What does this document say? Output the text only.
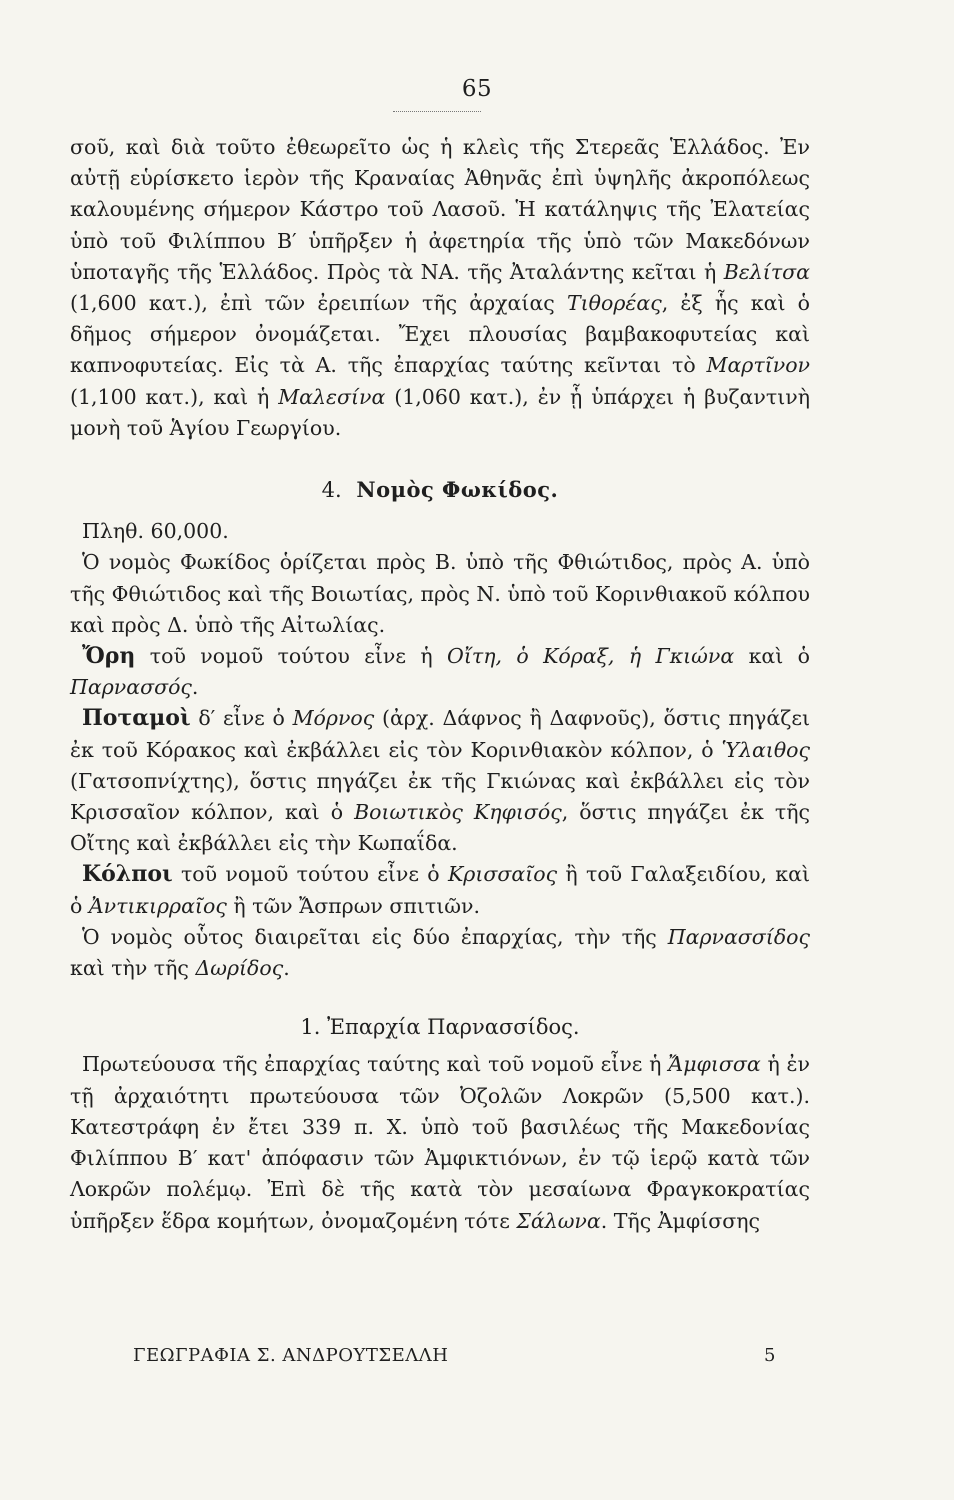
65

σοῦ, καὶ διὰ τοῦτο ἐθεωρεῖτο ὡς ἡ κλεὶς τῆς Στερεᾶς Ἑλλάδος. Ἐν αὐτῇ εὑρίσκετο ἱερὸν τῆς Κραναίας Ἀθηνᾶς ἐπὶ ὑψηλῆς ἀκροπόλεως καλουμένης σήμερον Κάστρο τοῦ Λασοῦ. Ἡ κατάληψις τῆς Ἐλατείας ὑπὸ τοῦ Φιλίππου Β′ ὑπῆρξεν ἡ ἀφετηρία τῆς ὑπὸ τῶν Μακεδόνων ὑποταγῆς τῆς Ἑλλάδος. Πρὸς τὰ ΝΑ. τῆς Ἀταλάντης κεῖται ἡ Βελίτσα (1,600 κατ.), ἐπὶ τῶν ἐρειπίων τῆς ἀρχαίας Τιθορέας, ἐξ ἧς καὶ ὁ δῆμος σήμερον ὀνομάζεται. Ἔχει πλουσίας βαμβακοφυτείας καὶ καπνοφυτείας. Εἰς τὰ Α. τῆς ἐπαρχίας ταύτης κεῖνται τὸ Μαρτῖνον (1,100 κατ.), καὶ ἡ Μαλεσίνα (1,060 κατ.), ἐν ᾗ ὑπάρχει ἡ βυζαντινὴ μονὴ τοῦ Ἁγίου Γεωργίου.

4. Νομὸς Φωκίδος.

Πληθ. 60,000.

Ὁ νομὸς Φωκίδος ὁρίζεται πρὸς Β. ὑπὸ τῆς Φθιώτιδος, πρὸς Α. ὑπὸ τῆς Φθιώτιδος καὶ τῆς Βοιωτίας, πρὸς Ν. ὑπὸ τοῦ Κορινθιακοῦ κόλπου καὶ πρὸς Δ. ὑπὸ τῆς Αἰτωλίας.

Ὄρη τοῦ νομοῦ τούτου εἶνε ἡ Οἴτη, ὁ Κόραξ, ἡ Γκιώνα καὶ ὁ Παρνασσός.

Ποταμοὶ δ′ εἶνε ὁ Μόρνος (ἀρχ. Δάφνος ἢ Δαφνοῦς), ὅστις πηγάζει ἐκ τοῦ Κόρακος καὶ ἐκβάλλει εἰς τὸν Κορινθιακὸν κόλπον, ὁ Ὑλαιθος (Γατσοπνίχτης), ὅστις πηγάζει ἐκ τῆς Γκιώνας καὶ ἐκβάλλει εἰς τὸν Κρισσαῖον κόλπον, καὶ ὁ Βοιωτικὸς Κηφισός, ὅστις πηγάζει ἐκ τῆς Οἴτης καὶ ἐκβάλλει εἰς τὴν Κωπαΐδα.

Κόλποι τοῦ νομοῦ τούτου εἶνε ὁ Κρισσαῖος ἢ τοῦ Γαλαξειδίου, καὶ ὁ Ἀντικιρραῖος ἢ τῶν Ἄσπρων σπιτιῶν.

Ὁ νομὸς οὗτος διαιρεῖται εἰς δύο ἐπαρχίας, τὴν τῆς Παρνασσίδος καὶ τὴν τῆς Δωρίδος.

1. Ἐπαρχία Παρνασσίδος.

Πρωτεύουσα τῆς ἐπαρχίας ταύτης καὶ τοῦ νομοῦ εἶνε ἡ Ἄμφισσα ἡ ἐν τῇ ἀρχαιότητι πρωτεύουσα τῶν Ὀζολῶν Λοκρῶν (5,500 κατ.). Κατεστράφη ἐν ἔτει 339 π. Χ. ὑπὸ τοῦ βασιλέως τῆς Μακεδονίας Φιλίππου Β′ κατ' ἀπόφασιν τῶν Ἀμφικτιόνων, ἐν τῷ ἱερῷ κατὰ τῶν Λοκρῶν πολέμῳ. Ἐπὶ δὲ τῆς κατὰ τὸν μεσαίωνα Φραγκοκρατίας ὑπῆρξεν ἕδρα κομήτων, ὀνομαζομένη τότε Σάλωνα. Τῆς Ἀμφίσσης

ΓΕΩΓΡΑΦΙΑ Σ. ΑΝΔΡΟΥΤΣΕΛΛΗ	5
